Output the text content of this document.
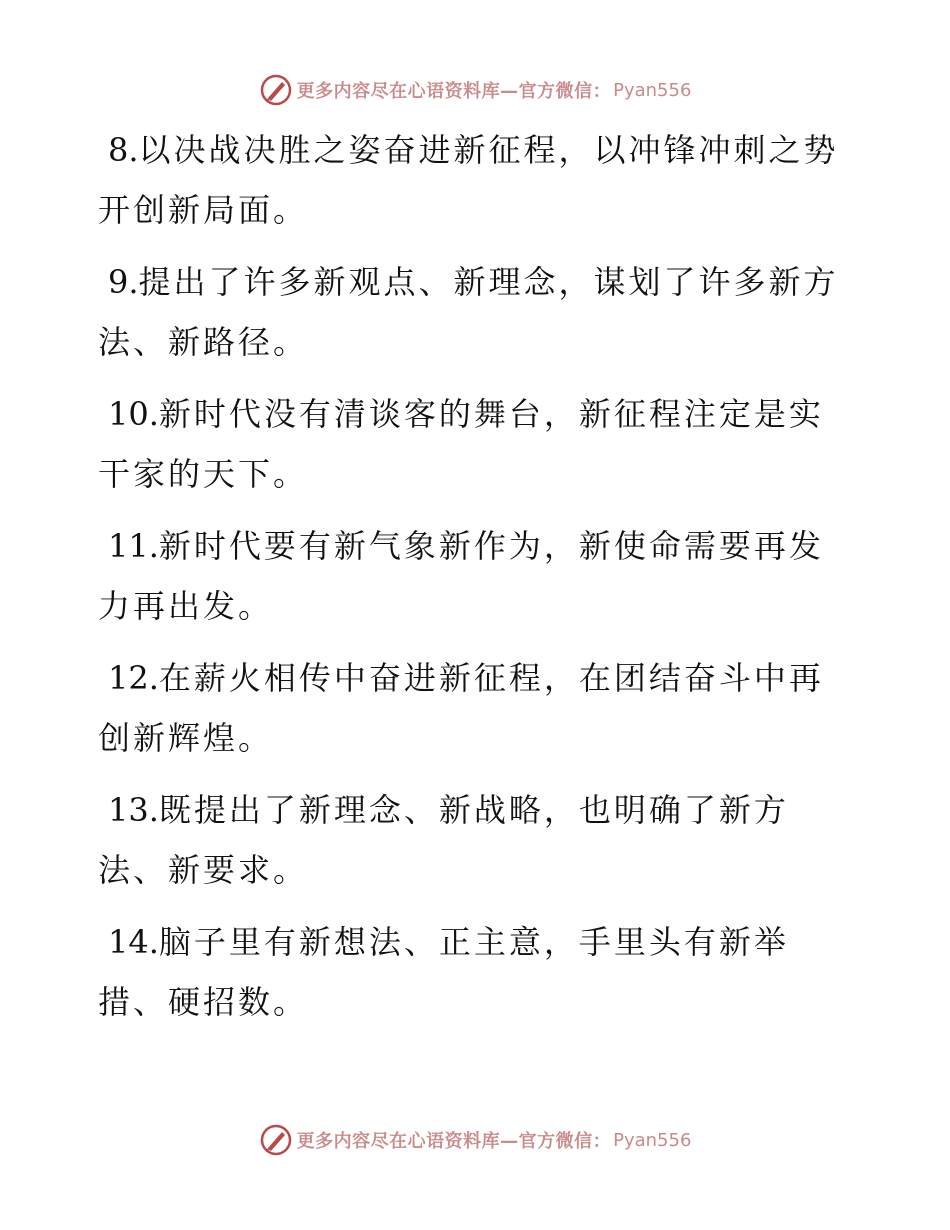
更多内容尽在心语资料库—官方微信： Pyan556

8.以决战决胜之姿奋进新征程，以冲锋冲刺之势开创新局面。

9.提出了许多新观点、新理念，谋划了许多新方法、新路径。

10.新时代没有清谈客的舞台，新征程注定是实干家的天下。

11.新时代要有新气象新作为，新使命需要再发力再出发。

12.在薪火相传中奋进新征程，在团结奋斗中再创新辉煌。

13.既提出了新理念、新战略，也明确了新方法、新要求。

14.脑子里有新想法、正主意，手里头有新举措、硬招数。

更多内容尽在心语资料库—官方微信： Pyan556
